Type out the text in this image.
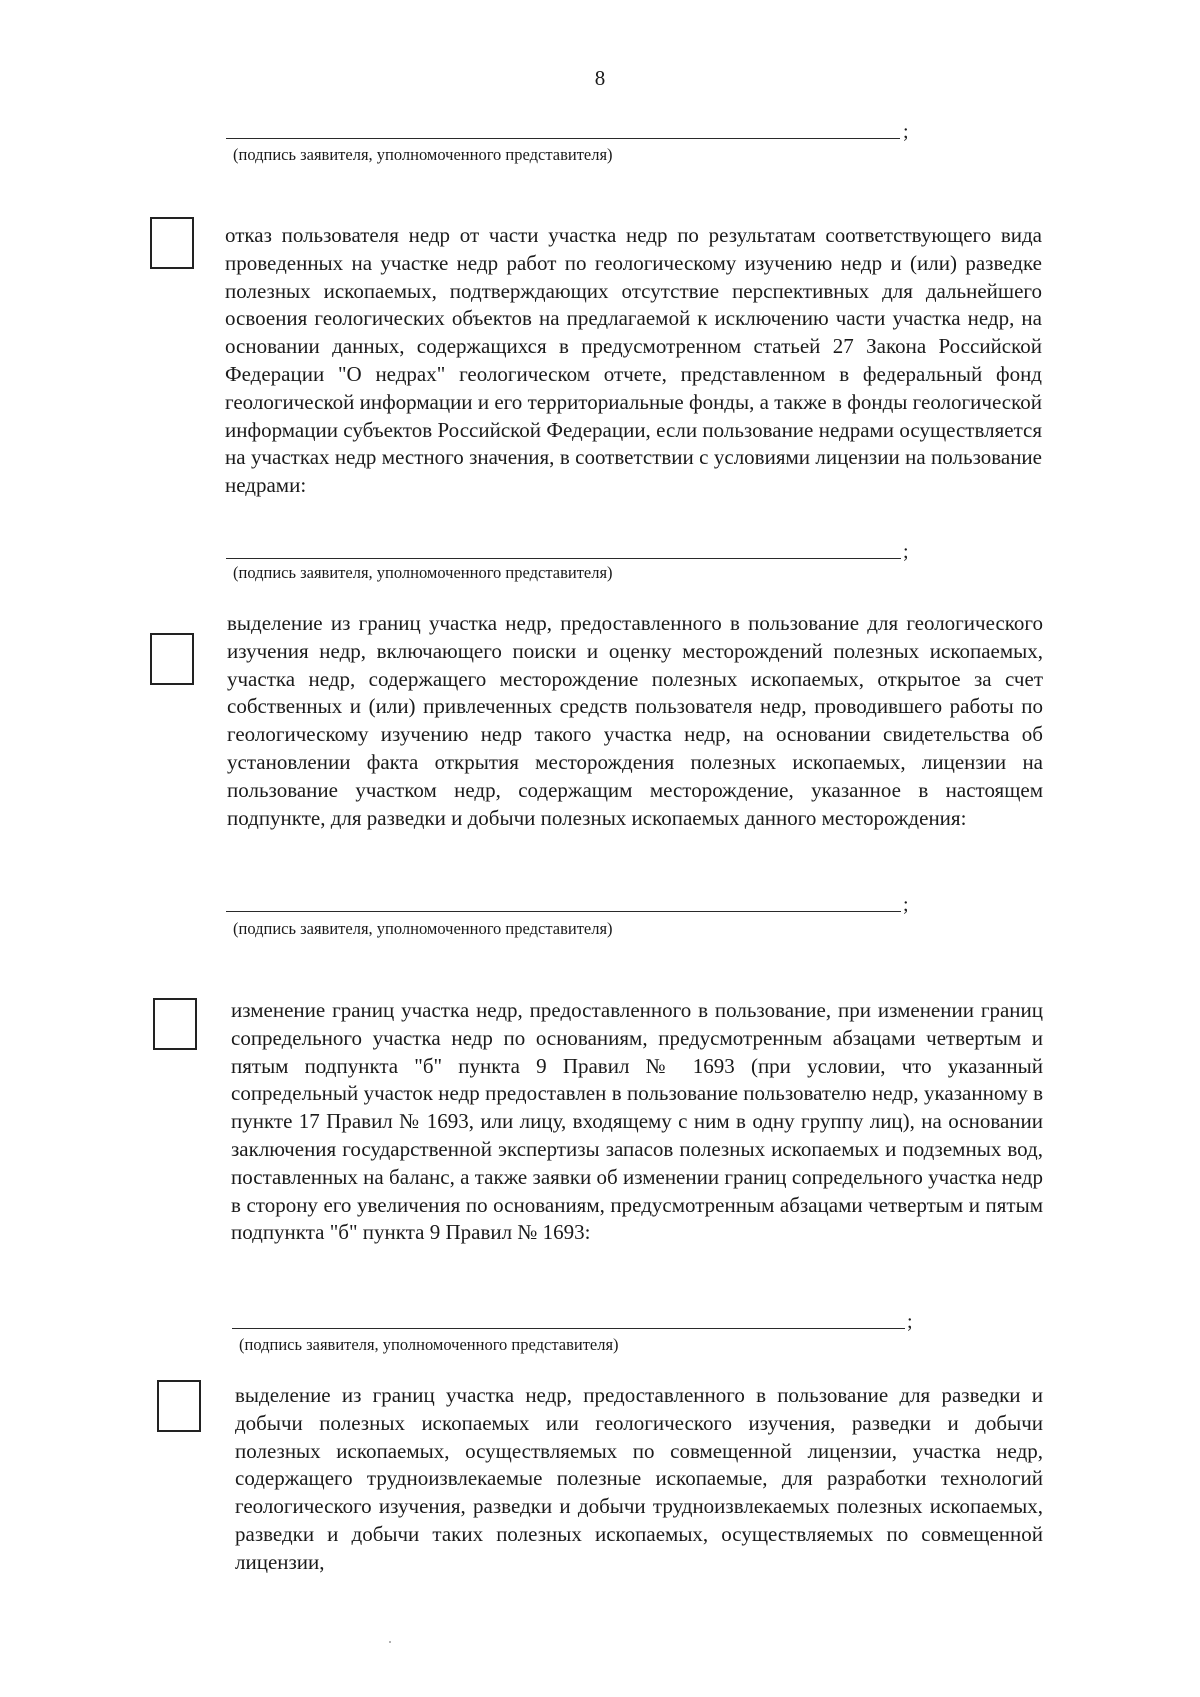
8
;
(подпись заявителя, уполномоченного представителя)
отказ пользователя недр от части участка недр по результатам соответствующего вида проведенных на участке недр работ по геологическому изучению недр и (или) разведке полезных ископаемых, подтверждающих отсутствие перспективных для дальнейшего освоения геологических объектов на предлагаемой к исключению части участка недр, на основании данных, содержащихся в предусмотренном статьей 27 Закона Российской Федерации "О недрах" геологическом отчете, представленном в федеральный фонд геологической информации и его территориальные фонды, а также в фонды геологической информации субъектов Российской Федерации, если пользование недрами осуществляется на участках недр местного значения, в соответствии с условиями лицензии на пользование недрами:
;
(подпись заявителя, уполномоченного представителя)
выделение из границ участка недр, предоставленного в пользование для геологического изучения недр, включающего поиски и оценку месторождений полезных ископаемых, участка недр, содержащего месторождение полезных ископаемых, открытое за счет собственных и (или) привлеченных средств пользователя недр, проводившего работы по геологическому изучению недр такого участка недр, на основании свидетельства об установлении факта открытия месторождения полезных ископаемых, лицензии на пользование участком недр, содержащим месторождение, указанное в настоящем подпункте, для разведки и добычи полезных ископаемых данного месторождения:
;
(подпись заявителя, уполномоченного представителя)
изменение границ участка недр, предоставленного в пользование, при изменении границ сопредельного участка недр по основаниям, предусмотренным абзацами четвертым и пятым подпункта "б" пункта 9 Правил № 1693 (при условии, что указанный сопредельный участок недр предоставлен в пользование пользователю недр, указанному в пункте 17 Правил № 1693, или лицу, входящему с ним в одну группу лиц), на основании заключения государственной экспертизы запасов полезных ископаемых и подземных вод, поставленных на баланс, а также заявки об изменении границ сопредельного участка недр в сторону его увеличения по основаниям, предусмотренным абзацами четвертым и пятым подпункта "б" пункта 9 Правил № 1693:
;
(подпись заявителя, уполномоченного представителя)
выделение из границ участка недр, предоставленного в пользование для разведки и добычи полезных ископаемых или геологического изучения, разведки и добычи полезных ископаемых, осуществляемых по совмещенной лицензии, участка недр, содержащего трудноизвлекаемые полезные ископаемые, для разработки технологий геологического изучения, разведки и добычи трудноизвлекаемых полезных ископаемых, разведки и добычи таких полезных ископаемых, осуществляемых по совмещенной лицензии,
